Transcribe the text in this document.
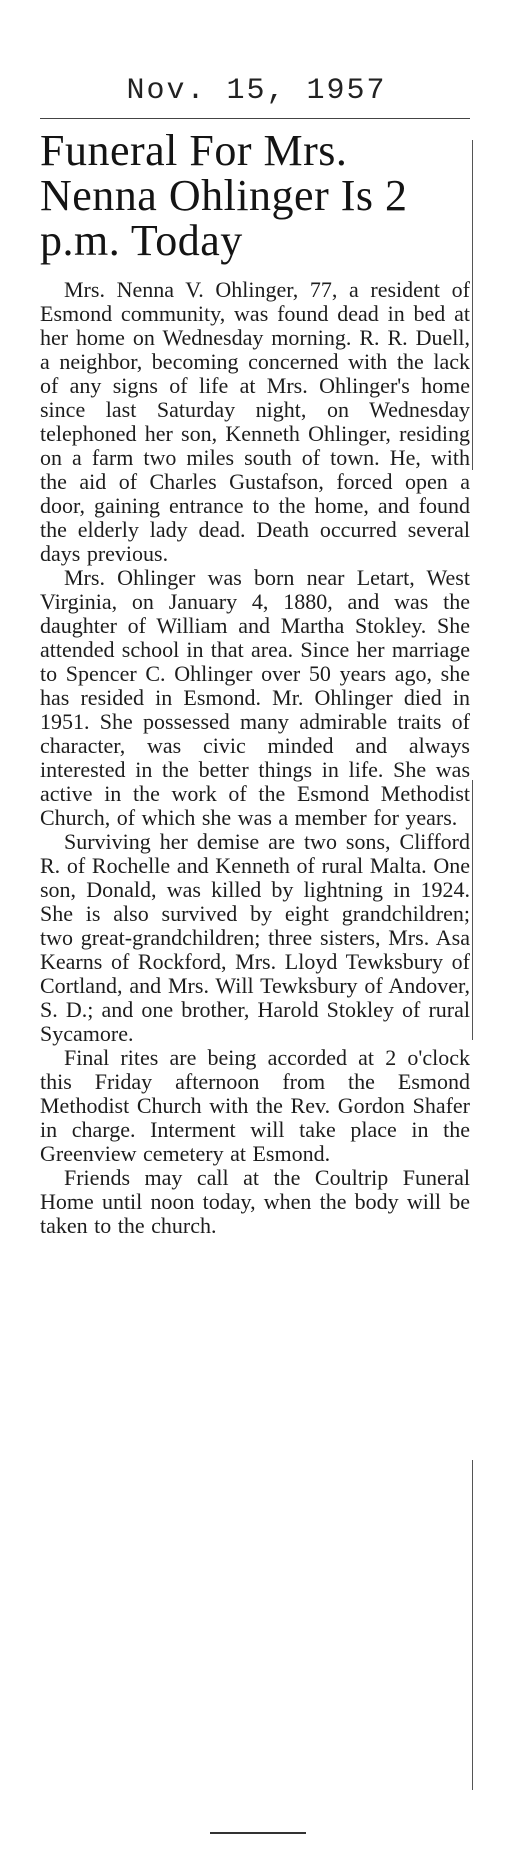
Nov. 15, 1957
Funeral For Mrs. Nenna Ohlinger Is 2 p.m. Today

Mrs. Nenna V. Ohlinger, 77, a resident of Esmond community, was found dead in bed at her home on Wednesday morning. R. R. Duell, a neighbor, becoming concerned with the lack of any signs of life at Mrs. Ohlinger's home since last Saturday night, on Wednesday telephoned her son, Kenneth Ohlinger, residing on a farm two miles south of town. He, with the aid of Charles Gustafson, forced open a door, gaining entrance to the home, and found the elderly lady dead. Death occurred several days previous.

Mrs. Ohlinger was born near Letart, West Virginia, on January 4, 1880, and was the daughter of William and Martha Stokley. She attended school in that area. Since her marriage to Spencer C. Ohlinger over 50 years ago, she has resided in Esmond. Mr. Ohlinger died in 1951. She possessed many admirable traits of character, was civic minded and always interested in the better things in life. She was active in the work of the Esmond Methodist Church, of which she was a member for years.

Surviving her demise are two sons, Clifford R. of Rochelle and Kenneth of rural Malta. One son, Donald, was killed by lightning in 1924. She is also survived by eight grandchildren; two great-grandchildren; three sisters, Mrs. Asa Kearns of Rockford, Mrs. Lloyd Tewksbury of Cortland, and Mrs. Will Tewksbury of Andover, S. D.; and one brother, Harold Stokley of rural Sycamore.

Final rites are being accorded at 2 o'clock this Friday afternoon from the Esmond Methodist Church with the Rev. Gordon Shafer in charge. Interment will take place in the Greenview cemetery at Esmond.

Friends may call at the Coultrip Funeral Home until noon today, when the body will be taken to the church.
